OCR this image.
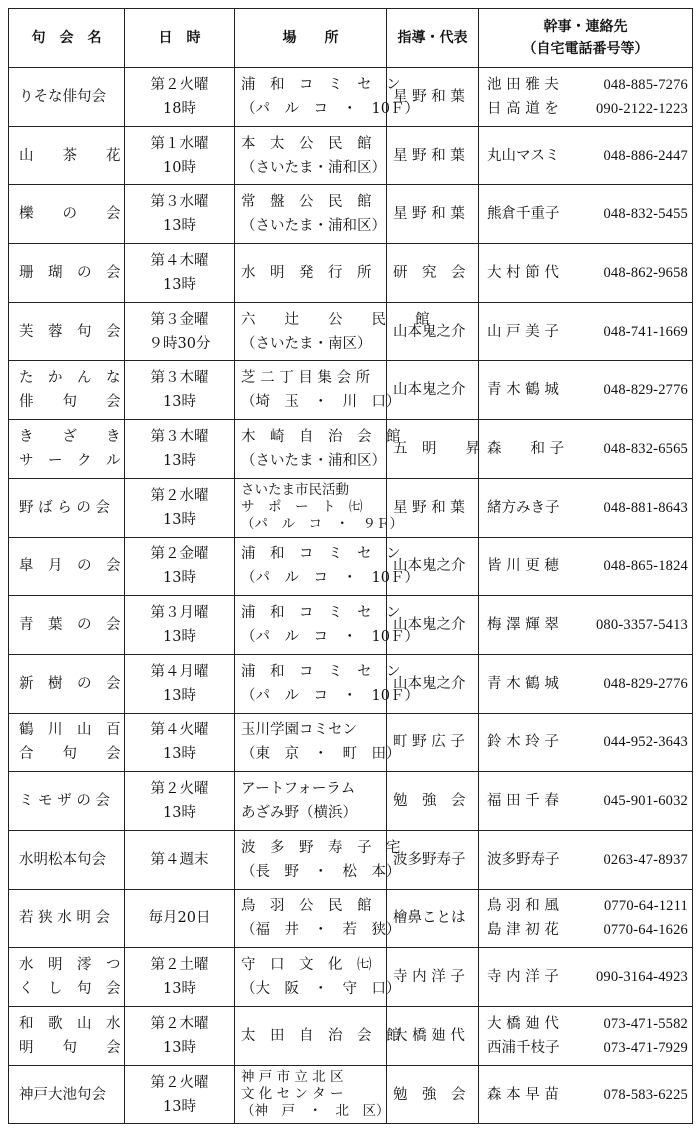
句　会　名	日　時	場　　所	指導・代表	幹事・連絡先
（自宅電話番号等）

りそな俳句会	第２火曜
18時	浦　和　コ　ミ　セ　ン
（パ　ル　コ　・　10Ｆ）	星 野 和 葉	池 田 雅 夫 048-885-7276
日 高 道 を 090-2122-1223

山　　茶　　花	第１水曜
10時	本　太　公　民　館
（さいたま・浦和区）	星 野 和 葉	丸山マスミ 048-886-2447

櫟　　の　　会	第３水曜
13時	常　盤　公　民　館
（さいたま・浦和区）	星 野 和 葉	熊倉千重子 048-832-5455

珊　瑚　の　会	第４木曜
13時	水　明　発　行　所	研　究　会	大 村 節 代 048-862-9658

芙　蓉　句　会	第３金曜
９時30分	六　　辻　　公　　民　　館
（さいたま・南区）	山本鬼之介	山 戸 美 子 048-741-1669

た　か　ん　な
俳　　句　　会	第３木曜
13時	芝 二 丁 目 集 会 所
（埼　玉　・　川　口）	山本鬼之介	青 木 鶴 城 048-829-2776

き　　ざ　　き
サ　ー　ク　ル	第３木曜
13時	木　崎　自　治　会　館
（さいたま・浦和区）	五　明　　昇	森　　和 子 048-832-6565

野 ば ら の 会	第２水曜
13時	さいたま市民活動
サ　ポ　ー　ト　㈦
（パ　ル　コ　・　９Ｆ）	星 野 和 葉	緒方みき子 048-881-8643

皐　月　の　会	第２金曜
13時	浦　和　コ　ミ　セ　ン
（パ　ル　コ　・　10Ｆ）	山本鬼之介	皆 川 更 穂 048-865-1824

青　葉　の　会	第３月曜
13時	浦　和　コ　ミ　セ　ン
（パ　ル　コ　・　10Ｆ）	山本鬼之介	梅 澤 輝 翠 080-3357-5413

新　樹　の　会	第４月曜
13時	浦　和　コ　ミ　セ　ン
（パ　ル　コ　・　10Ｆ）	山本鬼之介	青 木 鶴 城 048-829-2776

鶴　川　山　百
合　　句　　会	第４火曜
13時	玉川学園コミセン
（東　京　・　町　田）	町 野 広 子	鈴 木 玲 子 044-952-3643

ミ モ ザ の 会	第２火曜
13時	アートフォーラム
あざみ野（横浜）	勉　強　会	福 田 千 春 045-901-6032

水明松本句会	第４週末	波　多　野　寿　子　宅
（長　野　・　松　本）	波多野寿子	波多野寿子 0263-47-8937

若 狭 水 明 会	毎月20日	鳥　羽　公　民　館
（福　井　・　若　狭）	檜鼻ことは	鳥 羽 和 風 0770-64-1211
島 津 初 花 0770-64-1626

水　明　澪　つ
く　し　句　会	第２土曜
13時	守　口　文　化　㈦
（大　阪　・　守　口）	寺 内 洋 子	寺 内 洋 子 090-3164-4923

和　歌　山　水
明　　句　　会	第２木曜
13時	太　田　自　治　会　館	大 橋 廸 代	大 橋 廸 代 073-471-5582
西浦千枝子 073-471-7929

神戸大池句会	第２火曜
13時	神 戸 市 立 北 区
文 化 セ ン タ ー
（神　戸　・　北　区）	勉　強　会	森 本 早 苗 078-583-6225
